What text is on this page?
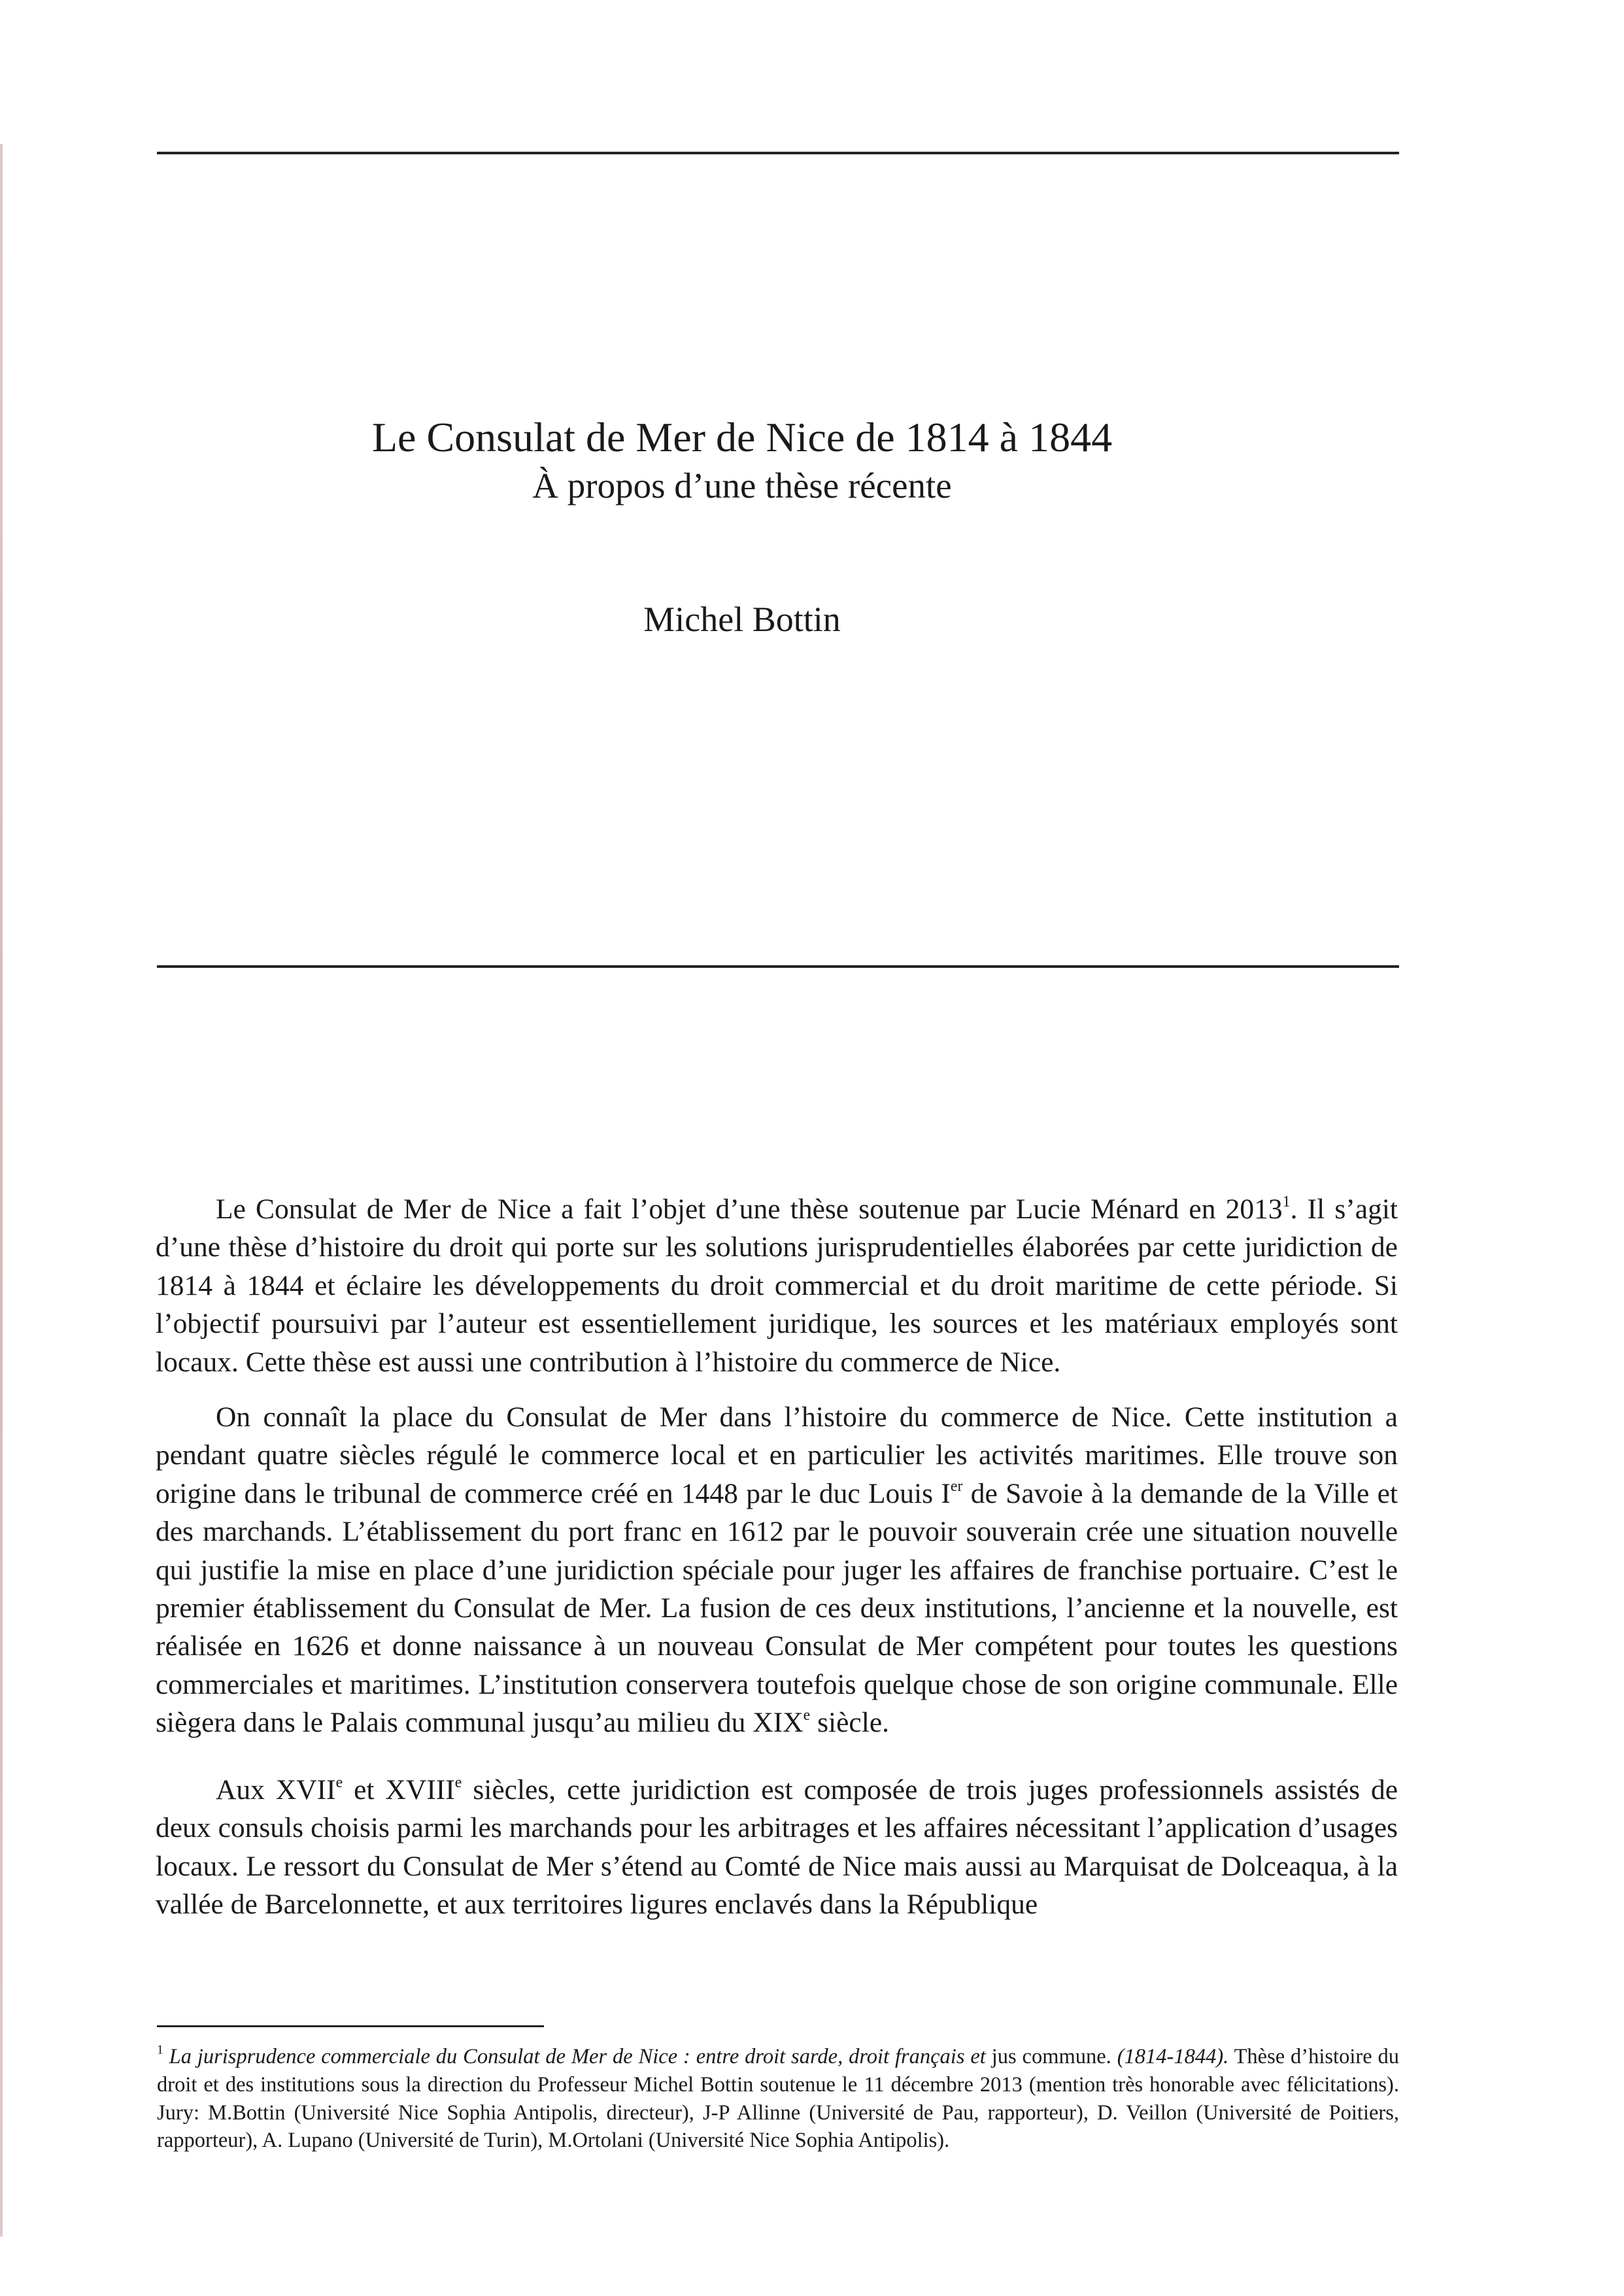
Le Consulat de Mer de Nice de 1814 à 1844
À propos d’une thèse récente
Michel Bottin

Le Consulat de Mer de Nice a fait l’objet d’une thèse soutenue par Lucie Ménard en 2013$^1$. Il s’agit d’une thèse d’histoire du droit qui porte sur les solutions jurisprudentielles élaborées par cette juridiction de 1814 à 1844 et éclaire les développements du droit commercial et du droit maritime de cette période. Si l’objectif poursuivi par l’auteur est essentiellement juridique, les sources et les matériaux employés sont locaux. Cette thèse est aussi une contribution à l’histoire du commerce de Nice.

On connaît la place du Consulat de Mer dans l’histoire du commerce de Nice. Cette institution a pendant quatre siècles régulé le commerce local et en particulier les activités maritimes. Elle trouve son origine dans le tribunal de commerce créé en 1448 par le duc Louis Ier de Savoie à la demande de la Ville et des marchands. L’établissement du port franc en 1612 par le pouvoir souverain crée une situation nouvelle qui justifie la mise en place d’une juridiction spéciale pour juger les affaires de franchise portuaire. C’est le premier établissement du Consulat de Mer. La fusion de ces deux institutions, l’ancienne et la nouvelle, est réalisée en 1626 et donne naissance à un nouveau Consulat de Mer compétent pour toutes les questions commerciales et maritimes. L’institution conservera toutefois quelque chose de son origine communale. Elle siègera dans le Palais communal jusqu’au milieu du XIXe siècle.

Aux XVIIe et XVIIIe siècles, cette juridiction est composée de trois juges professionnels assistés de deux consuls choisis parmi les marchands pour les arbitrages et les affaires nécessitant l’application d’usages locaux. Le ressort du Consulat de Mer s’étend au Comté de Nice mais aussi au Marquisat de Dolceaqua, à la vallée de Barcelonnette, et aux territoires ligures enclavés dans la République

$^1$ La jurisprudence commerciale du Consulat de Mer de Nice : entre droit sarde, droit français et jus commune. (1814-1844). Thèse d’histoire du droit et des institutions sous la direction du Professeur Michel Bottin soutenue le 11 décembre 2013 (mention très honorable avec félicitations). Jury: M.Bottin (Université Nice Sophia Antipolis, directeur), J-P Allinne (Université de Pau, rapporteur), D. Veillon (Université de Poitiers, rapporteur), A. Lupano (Université de Turin), M.Ortolani (Université Nice Sophia Antipolis).
